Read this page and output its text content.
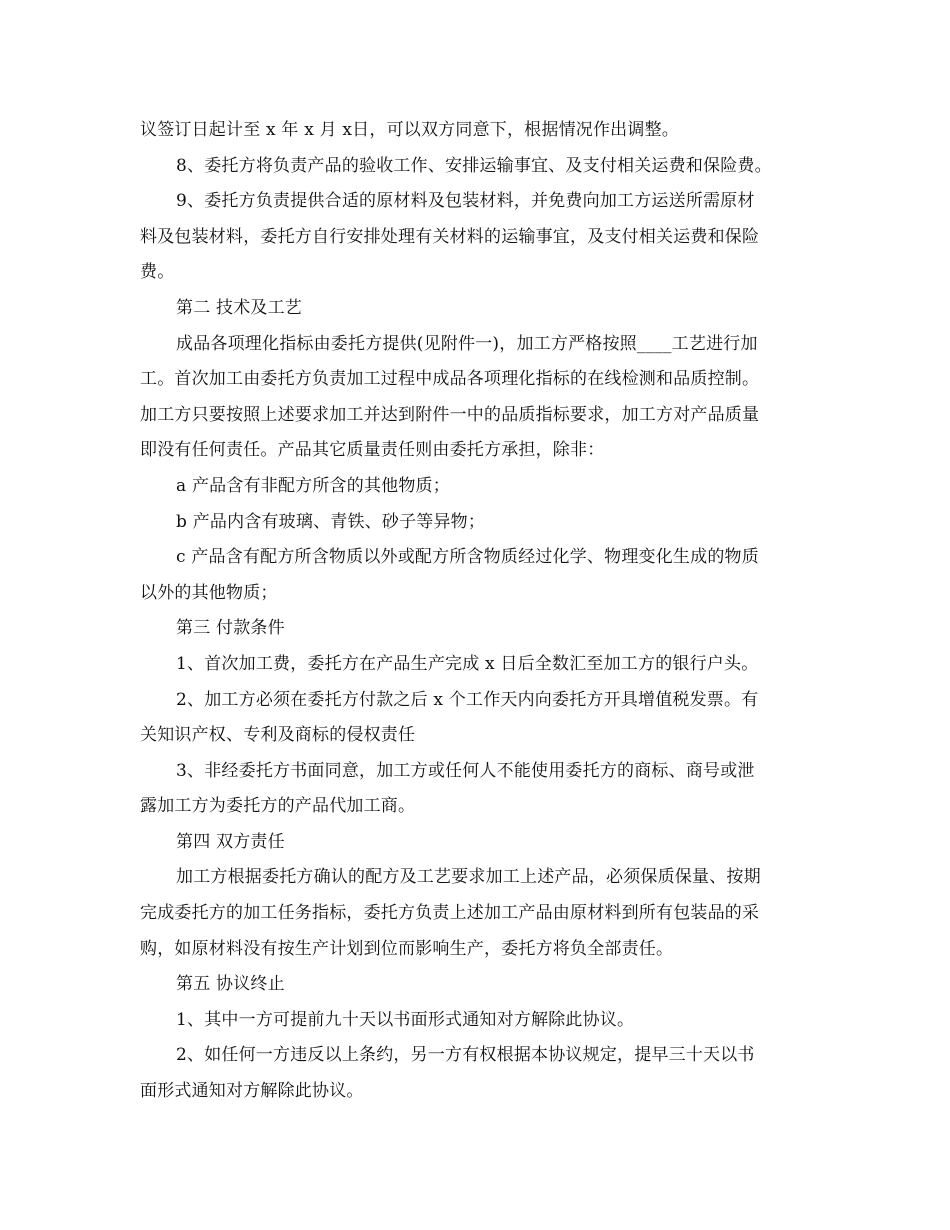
议签订日起计至 x 年 x 月 x日，可以双方同意下，根据情况作出调整。
8、委托方将负责产品的验收工作、安排运输事宜、及支付相关运费和保险费。
9、委托方负责提供合适的原材料及包装材料，并免费向加工方运送所需原材
料及包装材料，委托方自行安排处理有关材料的运输事宜，及支付相关运费和保险
费。
第二 技术及工艺
成品各项理化指标由委托方提供(见附件一)，加工方严格按照____工艺进行加
工。首次加工由委托方负责加工过程中成品各项理化指标的在线检测和品质控制。
加工方只要按照上述要求加工并达到附件一中的品质指标要求，加工方对产品质量
即没有任何责任。产品其它质量责任则由委托方承担，除非：
a 产品含有非配方所含的其他物质；
b 产品内含有玻璃、青铁、砂子等异物；
c 产品含有配方所含物质以外或配方所含物质经过化学、物理变化生成的物质
以外的其他物质；
第三 付款条件
1、首次加工费，委托方在产品生产完成 x 日后全数汇至加工方的银行户头。
2、加工方必须在委托方付款之后 x 个工作天内向委托方开具增值税发票。有
关知识产权、专利及商标的侵权责任
3、非经委托方书面同意，加工方或任何人不能使用委托方的商标、商号或泄
露加工方为委托方的产品代加工商。
第四 双方责任
加工方根据委托方确认的配方及工艺要求加工上述产品，必须保质保量、按期
完成委托方的加工任务指标，委托方负责上述加工产品由原材料到所有包装品的采
购，如原材料没有按生产计划到位而影响生产，委托方将负全部责任。
第五 协议终止
1、其中一方可提前九十天以书面形式通知对方解除此协议。
2、如任何一方违反以上条约，另一方有权根据本协议规定，提早三十天以书
面形式通知对方解除此协议。
